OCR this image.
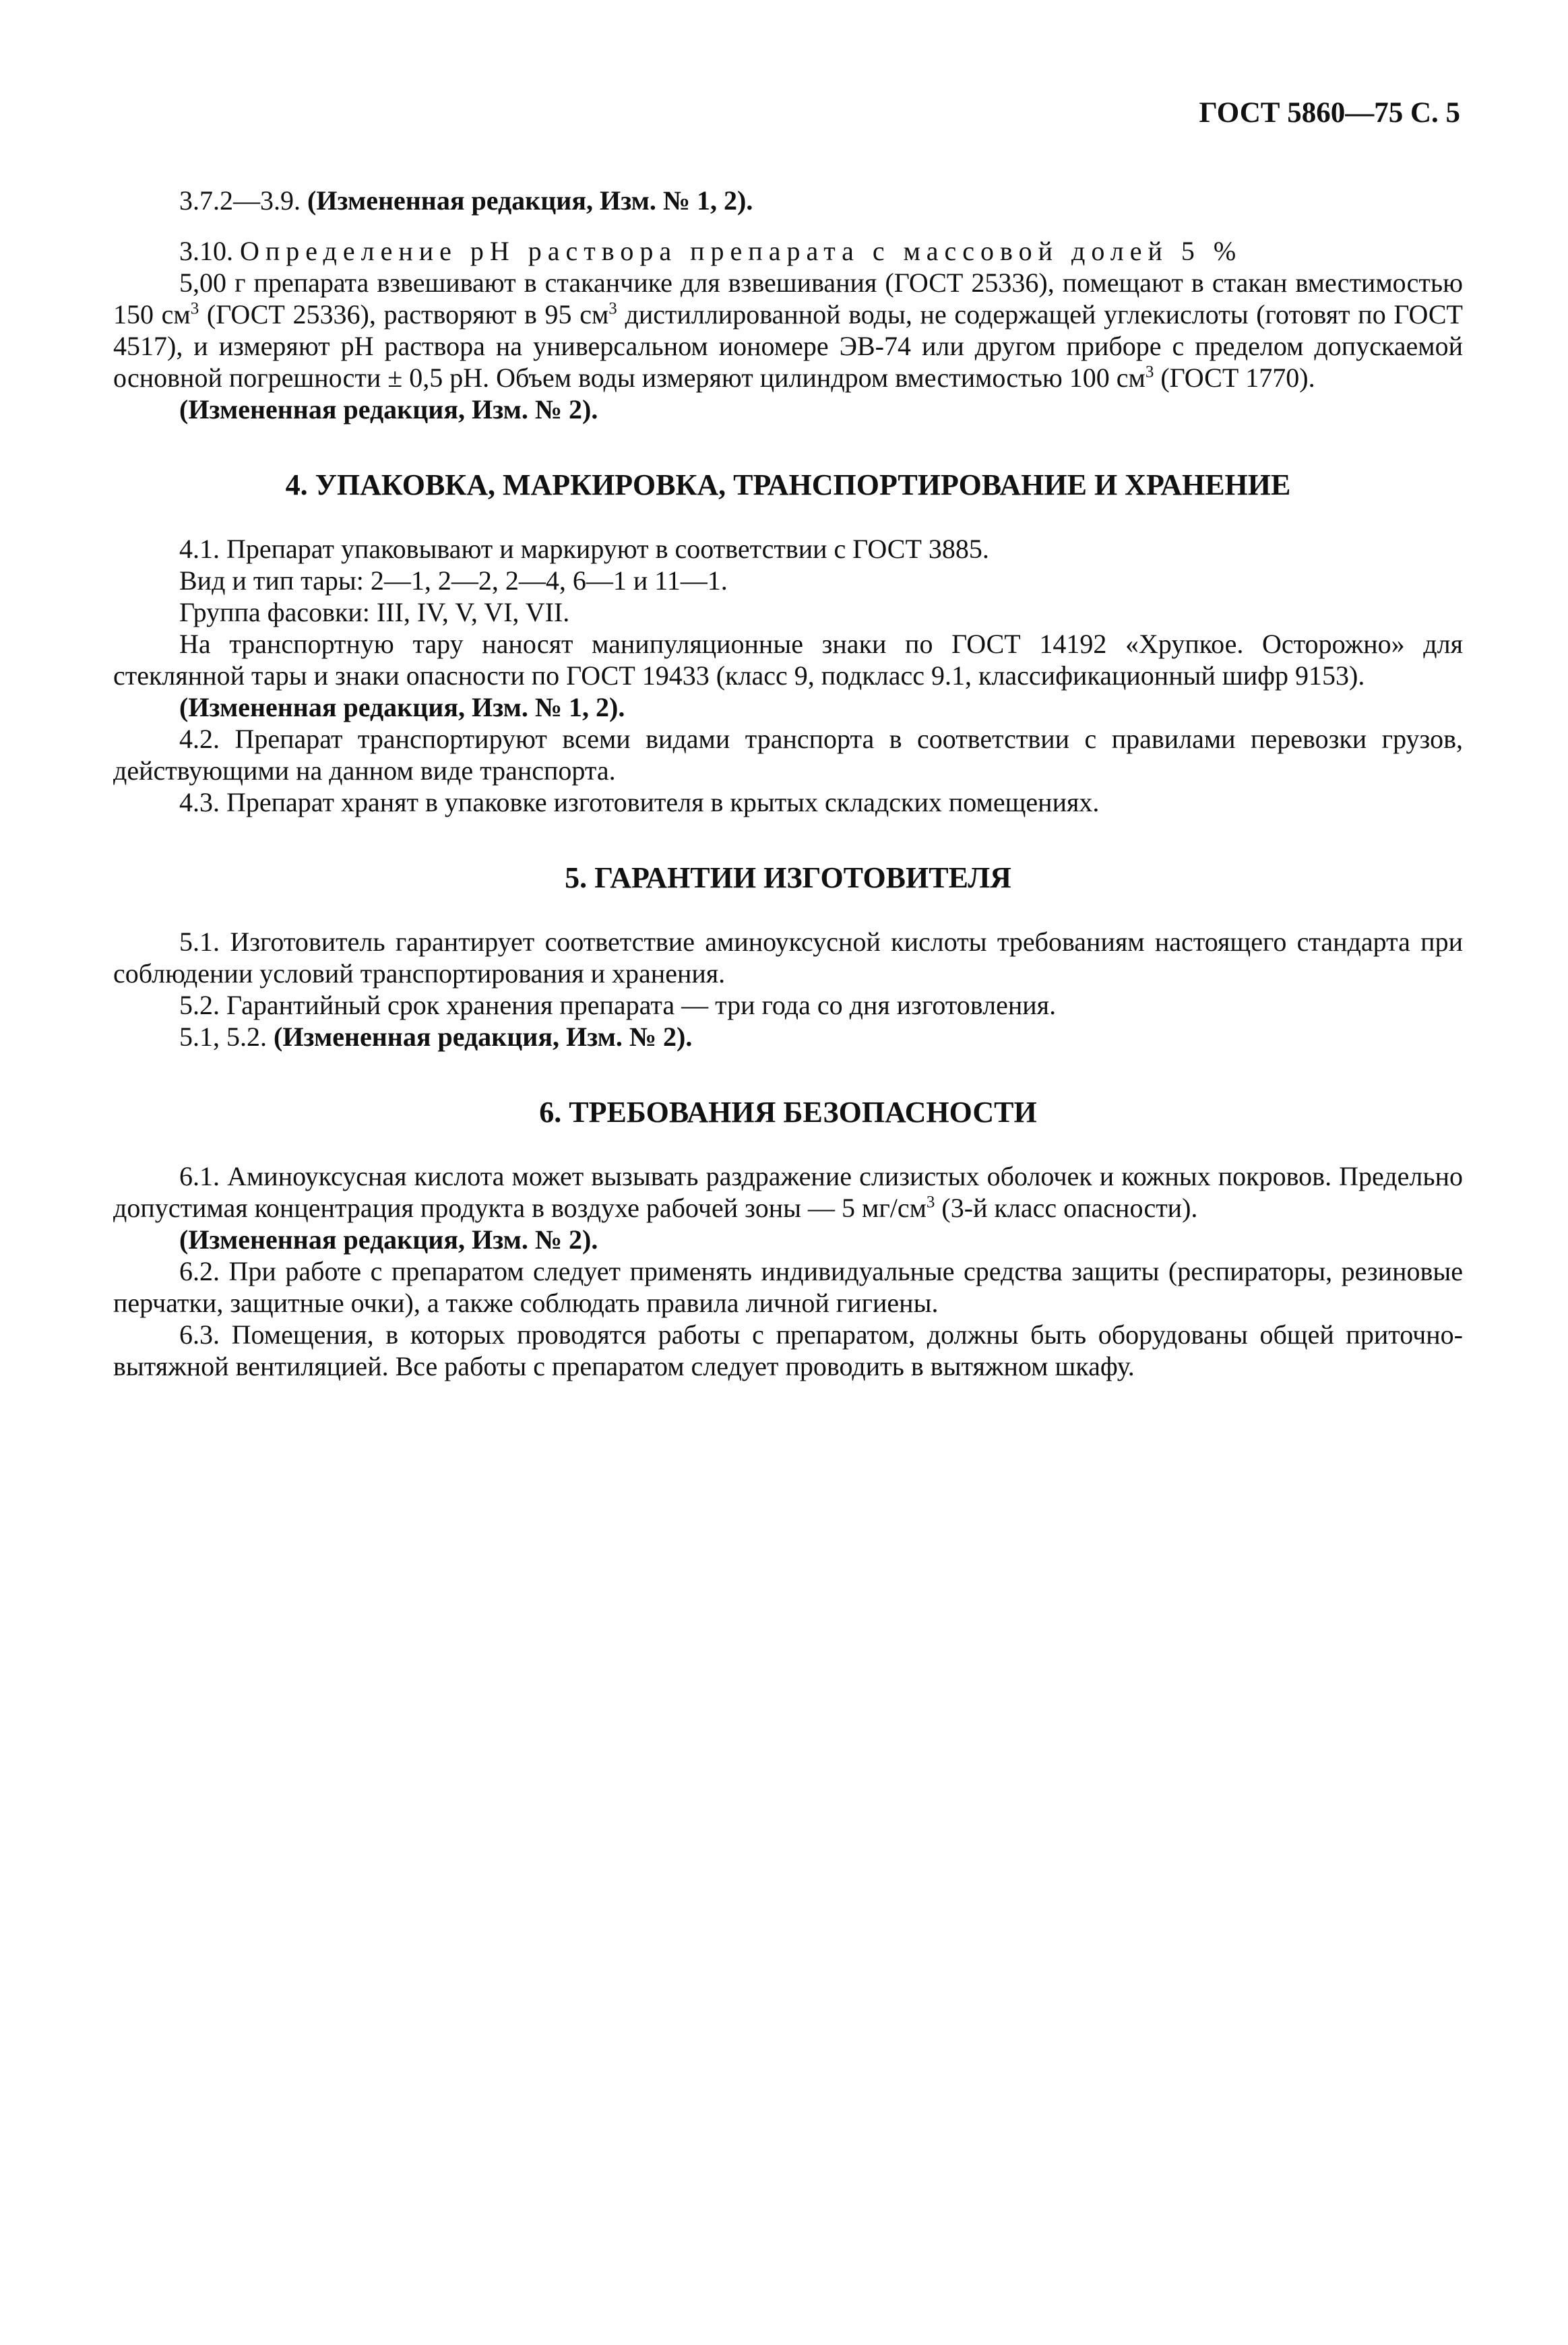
ГОСТ 5860—75 С. 5

3.7.2—3.9. (Измененная редакция, Изм. № 1, 2).

3.10. Определение pH раствора препарата с массовой долей 5 %

5,00 г препарата взвешивают в стаканчике для взвешивания (ГОСТ 25336), помещают в стакан вместимостью 150 $см^3$ (ГОСТ 25336), растворяют в 95 $см^3$ дистиллированной воды, не содержащей углекислоты (готовят по ГОСТ 4517), и измеряют pH раствора на универсальном иономере ЭВ-74 или другом приборе с пределом допускаемой основной погрешности ± 0,5 pH. Объем воды измеряют цилиндром вместимостью 100 $см^3$ (ГОСТ 1770).

(Измененная редакция, Изм. № 2).

4. УПАКОВКА, МАРКИРОВКА, ТРАНСПОРТИРОВАНИЕ И ХРАНЕНИЕ

4.1. Препарат упаковывают и маркируют в соответствии с ГОСТ 3885.

Вид и тип тары: 2—1, 2—2, 2—4, 6—1 и 11—1.

Группа фасовки: III, IV, V, VI, VII.

На транспортную тару наносят манипуляционные знаки по ГОСТ 14192 «Хрупкое. Осторожно» для стеклянной тары и знаки опасности по ГОСТ 19433 (класс 9, подкласс 9.1, классификационный шифр 9153).

(Измененная редакция, Изм. № 1, 2).

4.2. Препарат транспортируют всеми видами транспорта в соответствии с правилами перевозки грузов, действующими на данном виде транспорта.

4.3. Препарат хранят в упаковке изготовителя в крытых складских помещениях.

5. ГАРАНТИИ ИЗГОТОВИТЕЛЯ

5.1. Изготовитель гарантирует соответствие аминоуксусной кислоты требованиям настоящего стандарта при соблюдении условий транспортирования и хранения.

5.2. Гарантийный срок хранения препарата — три года со дня изготовления.

5.1, 5.2. (Измененная редакция, Изм. № 2).

6. ТРЕБОВАНИЯ БЕЗОПАСНОСТИ

6.1. Аминоуксусная кислота может вызывать раздражение слизистых оболочек и кожных покровов. Предельно допустимая концентрация продукта в воздухе рабочей зоны — 5 $мг/см^3$ (3-й класс опасности).

(Измененная редакция, Изм. № 2).

6.2. При работе с препаратом следует применять индивидуальные средства защиты (респираторы, резиновые перчатки, защитные очки), а также соблюдать правила личной гигиены.

6.3. Помещения, в которых проводятся работы с препаратом, должны быть оборудованы общей приточно-вытяжной вентиляцией. Все работы с препаратом следует проводить в вытяжном шкафу.
